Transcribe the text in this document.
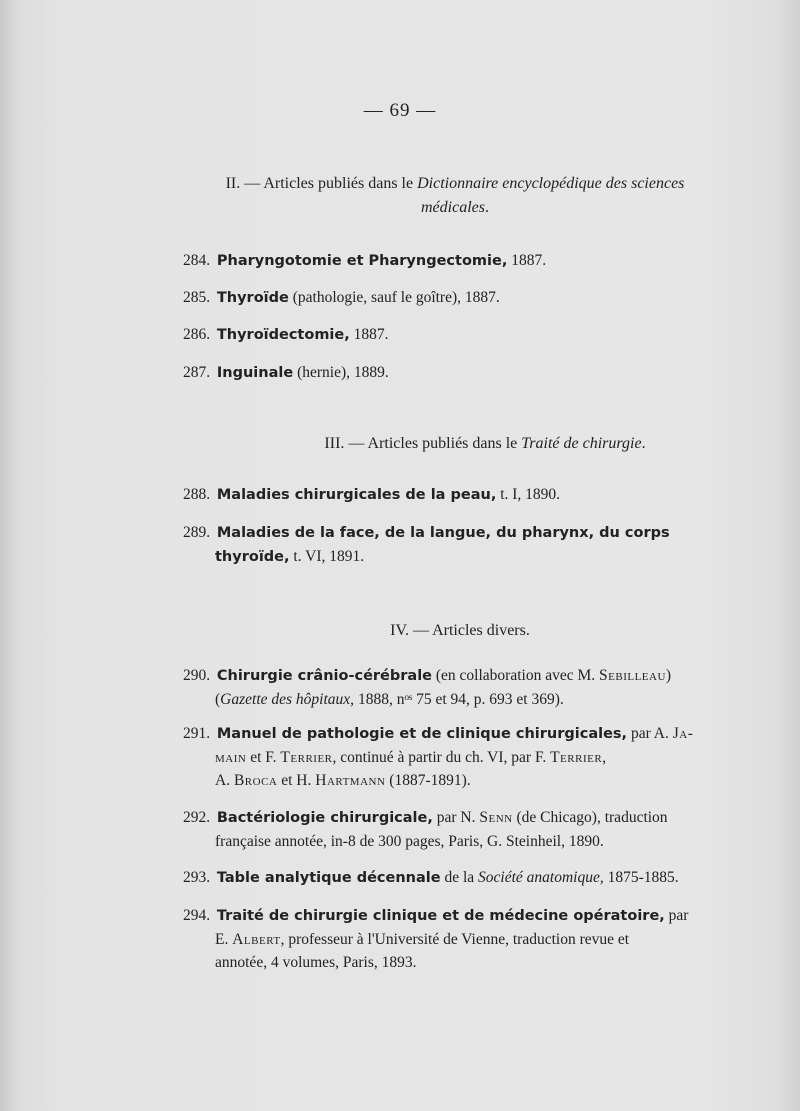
— 69 —
II. — Articles publiés dans le Dictionnaire encyclopédique des sciences
médicales.
284. Pharyngotomie et Pharyngectomie, 1887.
285. Thyroïde (pathologie, sauf le goître), 1887.
286. Thyroïdectomie, 1887.
287. Inguinale (hernie), 1889.
III. — Articles publiés dans le Traité de chirurgie.
288. Maladies chirurgicales de la peau, t. I, 1890.
289. Maladies de la face, de la langue, du pharynx, du corps
thyroïde, t. VI, 1891.
IV. — Articles divers.
290. Chirurgie crânio-cérébrale (en collaboration avec M. Sebilleau)
(Gazette des hôpitaux, 1888, nᵒˢ 75 et 94, p. 693 et 369).
291. Manuel de pathologie et de clinique chirurgicales, par A. Ja-
main et F. Terrier, continué à partir du ch. VI, par F. Terrier,
A. Broca et H. Hartmann (1887-1891).
292. Bactériologie chirurgicale, par N. Senn (de Chicago), traduction
française annotée, in-8 de 300 pages, Paris, G. Steinheil, 1890.
293. Table analytique décennale de la Société anatomique, 1875-1885.
294. Traité de chirurgie clinique et de médecine opératoire, par
E. Albert, professeur à l'Université de Vienne, traduction revue et
annotée, 4 volumes, Paris, 1893.
